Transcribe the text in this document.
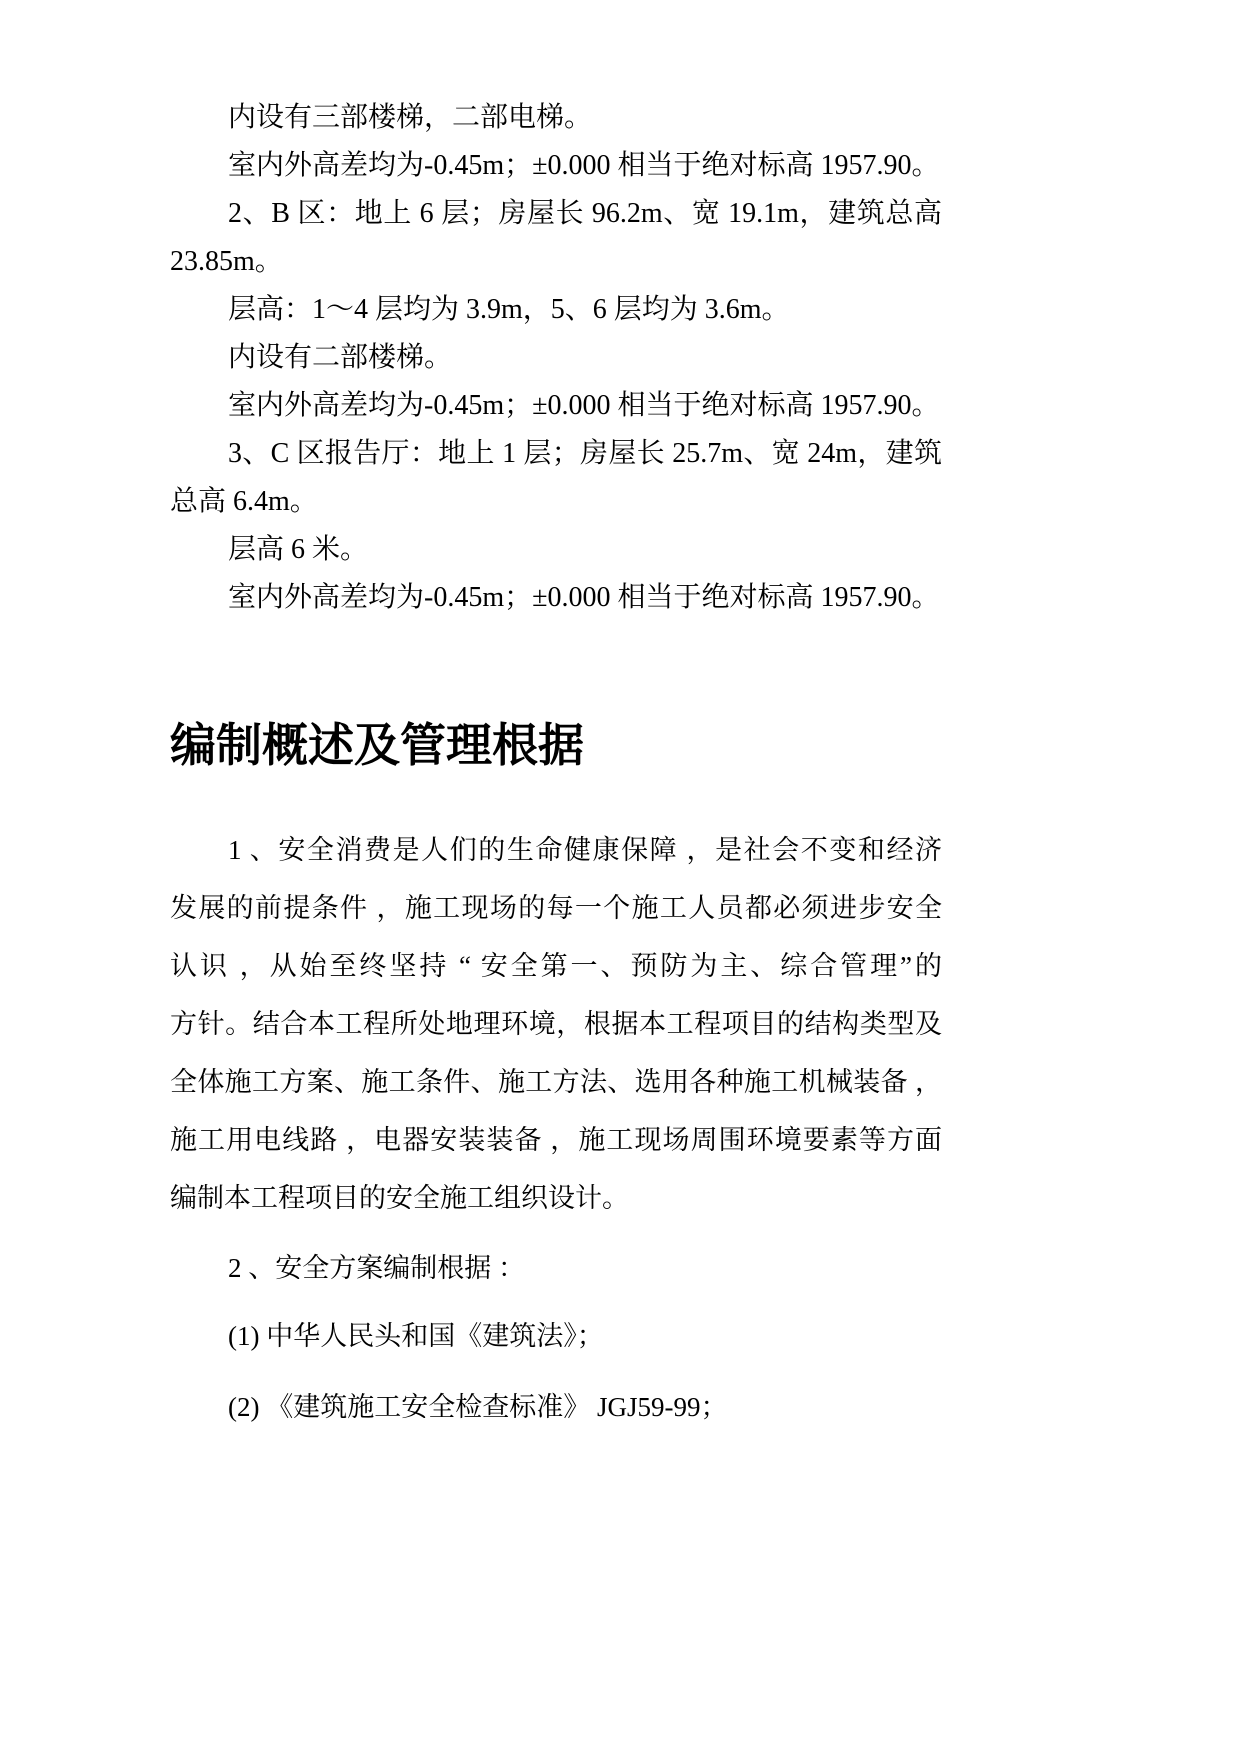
内设有三部楼梯，二部电梯。
室内外高差均为-0.45m；±0.000 相当于绝对标高 1957.90。
2、B 区：地上 6 层；房屋长 96.2m、宽 19.1m，建筑总高
23.85m。
层高：1～4 层均为 3.9m，5、6 层均为 3.6m。
内设有二部楼梯。
室内外高差均为-0.45m；±0.000 相当于绝对标高 1957.90。
3、C 区报告厅：地上 1 层；房屋长 25.7m、宽 24m，建筑
总高 6.4m。
层高 6 米。
室内外高差均为-0.45m；±0.000 相当于绝对标高 1957.90。
编制概述及管理根据
1 、安全消费是人们的生命健康保障 ，是社会不变和经济
发展的前提条件 ，施工现场的每一个施工人员都必须进步安全
认识 ，从始至终坚持 “ 安全第一、预防为主、综合管理”的
方针。结合本工程所处地理环境，根据本工程项目的结构类型及
全体施工方案、施工条件、施工方法、选用各种施工机械装备 ，
施工用电线路 ，电器安装装备 ，施工现场周围环境要素等方面
编制本工程项目的安全施工组织设计。
2 、安全方案编制根据 ：
(1) 中华人民头和国《建筑法》；
(2) 《建筑施工安全检查标准》 JGJ59-99；
